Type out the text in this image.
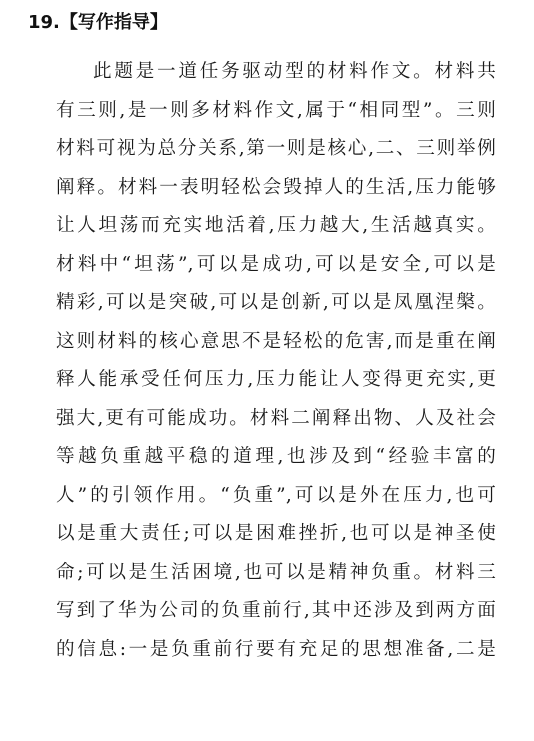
19.【写作指导】
此题是一道任务驱动型的材料作文。材料共
有三则,是一则多材料作文,属于“相同型”。三则
材料可视为总分关系,第一则是核心,二、三则举例
阐释。材料一表明轻松会毁掉人的生活,压力能够
让人坦荡而充实地活着,压力越大,生活越真实。
材料中“坦荡”,可以是成功,可以是安全,可以是
精彩,可以是突破,可以是创新,可以是凤凰涅槃。
这则材料的核心意思不是轻松的危害,而是重在阐
释人能承受任何压力,压力能让人变得更充实,更
强大,更有可能成功。材料二阐释出物、人及社会
等越负重越平稳的道理,也涉及到“经验丰富的
人”的引领作用。“负重”,可以是外在压力,也可
以是重大责任;可以是困难挫折,也可以是神圣使
命;可以是生活困境,也可以是精神负重。材料三
写到了华为公司的负重前行,其中还涉及到两方面
的信息:一是负重前行要有充足的思想准备,二是
